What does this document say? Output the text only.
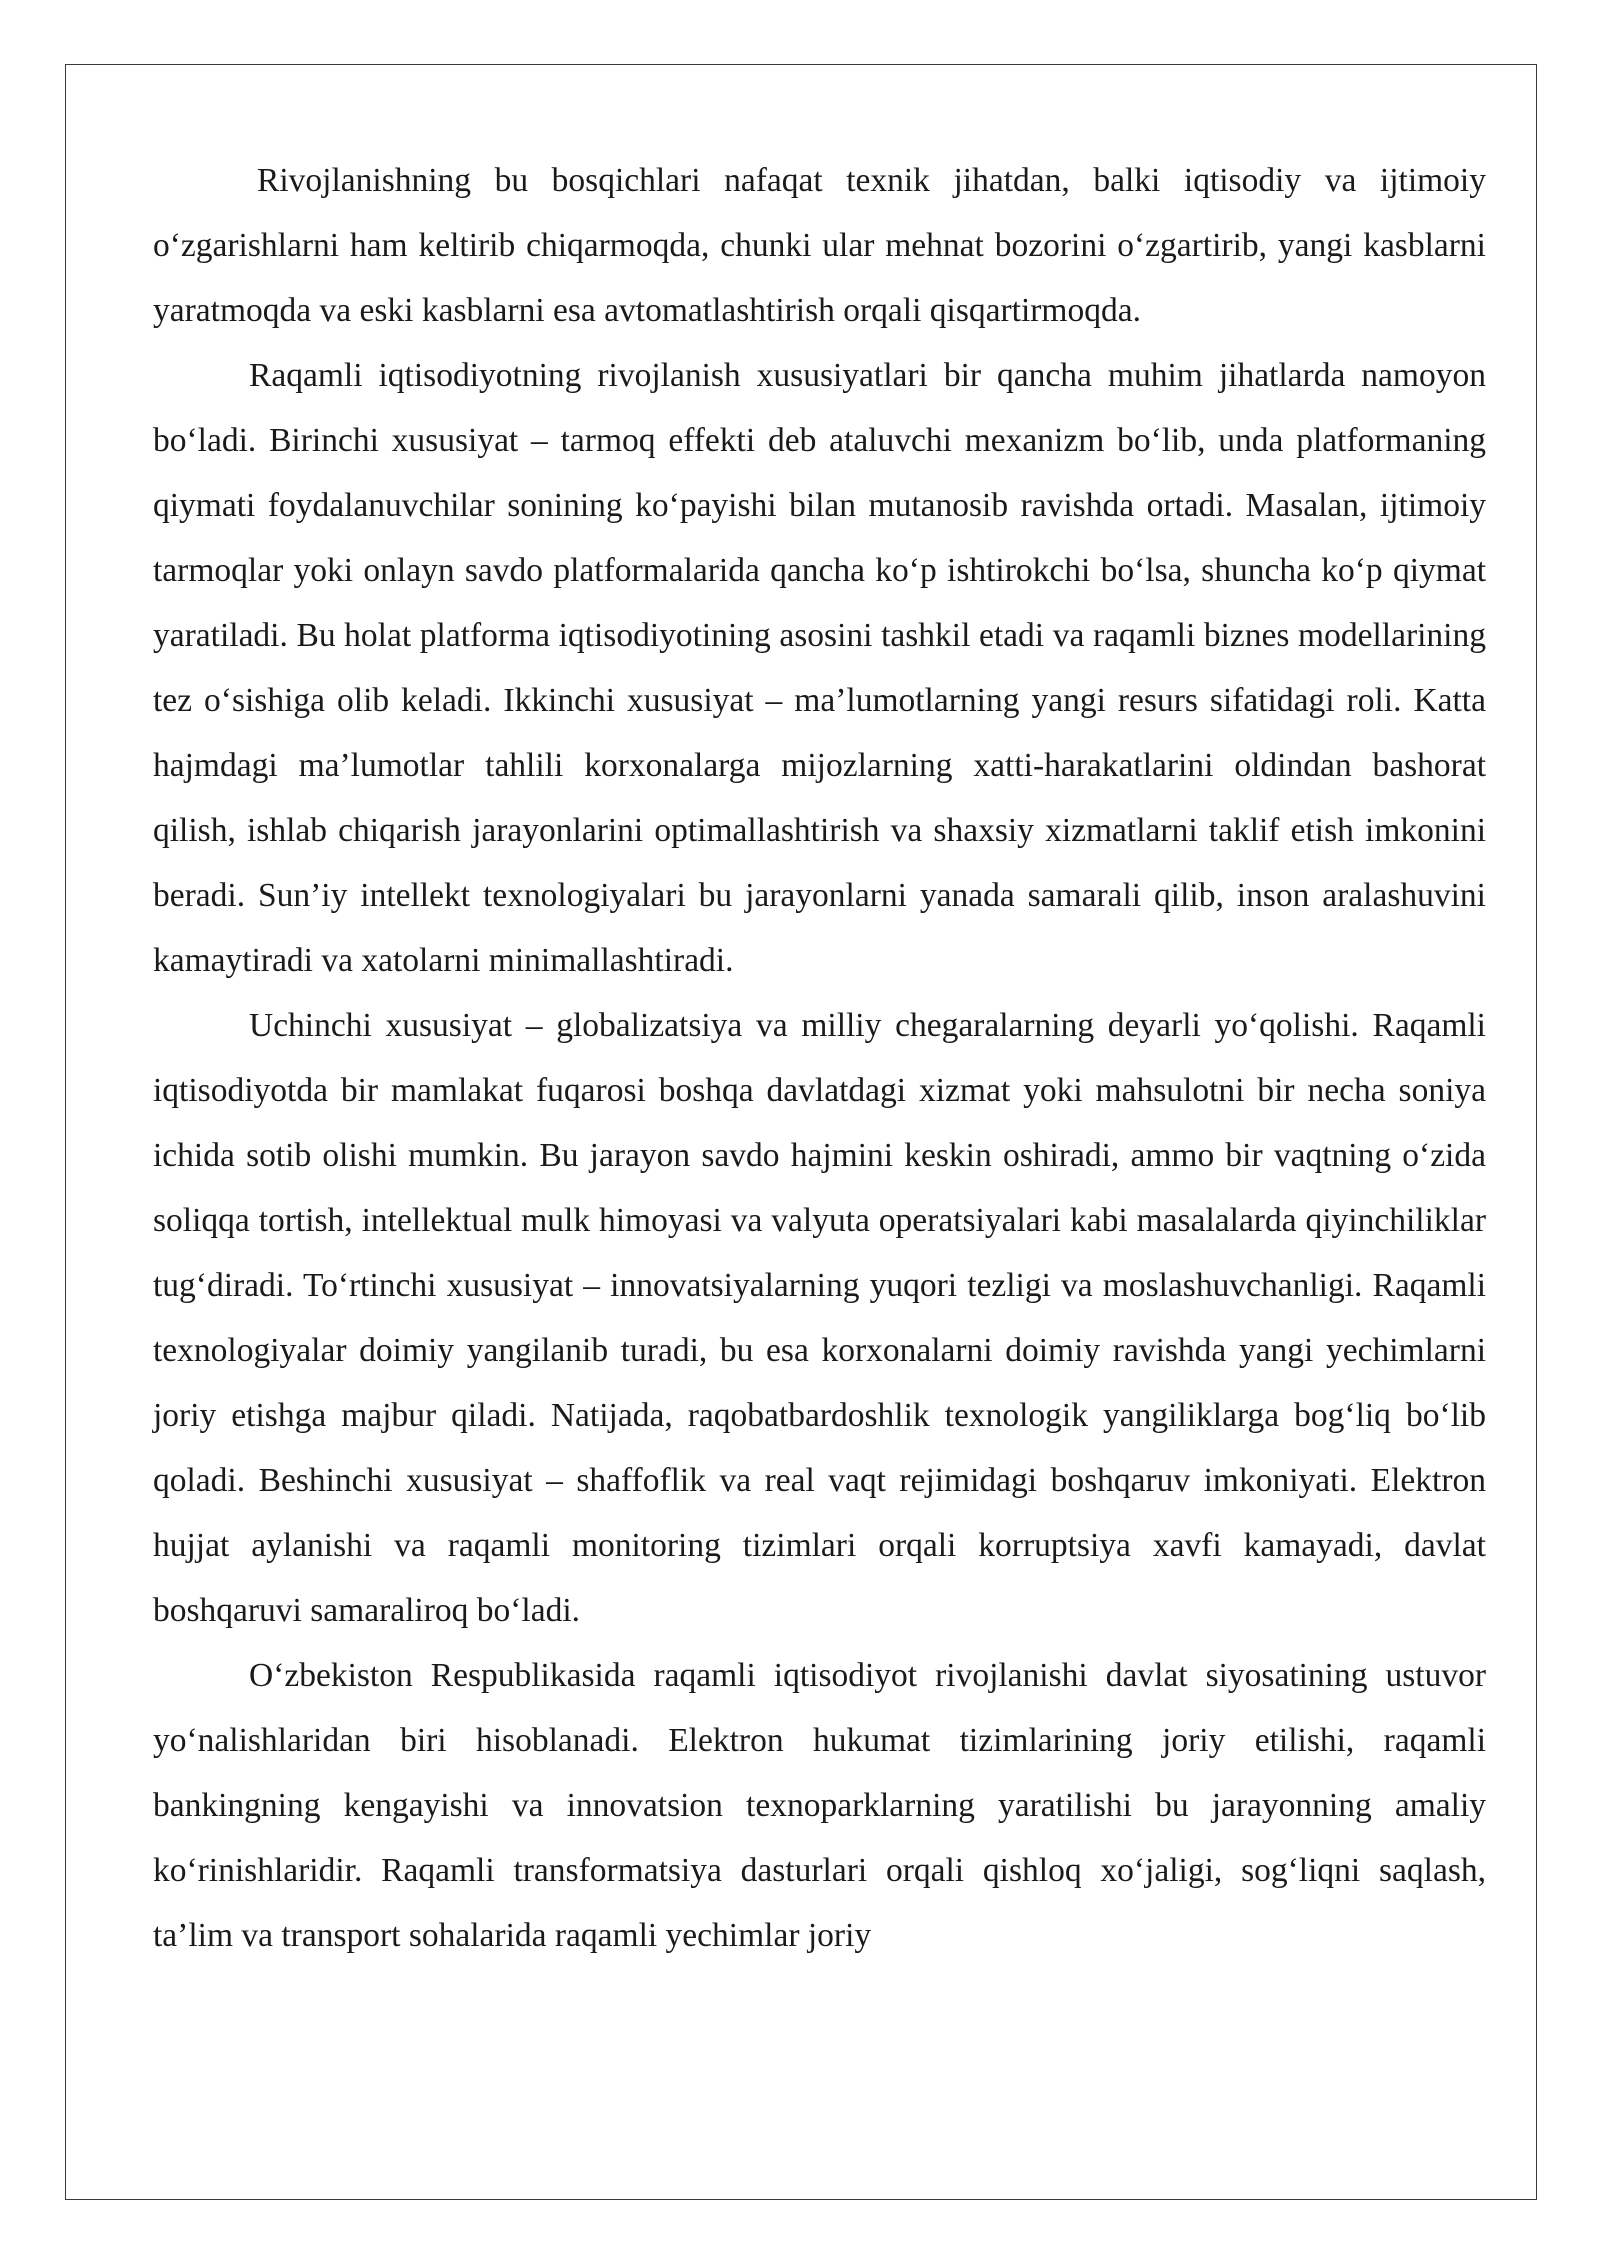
Rivojlanishning bu bosqichlari nafaqat texnik jihatdan, balki iqtisodiy va ijtimoiy o‘zgarishlarni ham keltirib chiqarmoqda, chunki ular mehnat bozorini o‘zgartirib, yangi kasblarni yaratmoqda va eski kasblarni esa avtomatlashtirish orqali qisqartirmoqda.

Raqamli iqtisodiyotning rivojlanish xususiyatlari bir qancha muhim jihatlarda namoyon bo‘ladi. Birinchi xususiyat – tarmoq effekti deb ataluvchi mexanizm bo‘lib, unda platformaning qiymati foydalanuvchilar sonining ko‘payishi bilan mutanosib ravishda ortadi. Masalan, ijtimoiy tarmoqlar yoki onlayn savdo platformalarida qancha ko‘p ishtirokchi bo‘lsa, shuncha ko‘p qiymat yaratiladi. Bu holat platforma iqtisodiyotining asosini tashkil etadi va raqamli biznes modellarining tez o‘sishiga olib keladi. Ikkinchi xususiyat – ma’lumotlarning yangi resurs sifatidagi roli. Katta hajmdagi ma’lumotlar tahlili korxonalarga mijozlarning xatti-harakatlarini oldindan bashorat qilish, ishlab chiqarish jarayonlarini optimallashtirish va shaxsiy xizmatlarni taklif etish imkonini beradi. Sun’iy intellekt texnologiyalari bu jarayonlarni yanada samarali qilib, inson aralashuvini kamaytiradi va xatolarni minimallashtiradi.

Uchinchi xususiyat – globalizatsiya va milliy chegaralarning deyarli yo‘qolishi. Raqamli iqtisodiyotda bir mamlakat fuqarosi boshqa davlatdagi xizmat yoki mahsulotni bir necha soniya ichida sotib olishi mumkin. Bu jarayon savdo hajmini keskin oshiradi, ammo bir vaqtning o‘zida soliqqa tortish, intellektual mulk himoyasi va valyuta operatsiyalari kabi masalalarda qiyinchiliklar tug‘diradi. To‘rtinchi xususiyat – innovatsiyalarning yuqori tezligi va moslashuvchanligi. Raqamli texnologiyalar doimiy yangilanib turadi, bu esa korxonalarni doimiy ravishda yangi yechimlarni joriy etishga majbur qiladi. Natijada, raqobatbardoshlik texnologik yangiliklarga bog‘liq bo‘lib qoladi. Beshinchi xususiyat – shaffoflik va real vaqt rejimidagi boshqaruv imkoniyati. Elektron hujjat aylanishi va raqamli monitoring tizimlari orqali korruptsiya xavfi kamayadi, davlat boshqaruvi samaraliroq bo‘ladi.

O‘zbekiston Respublikasida raqamli iqtisodiyot rivojlanishi davlat siyosatining ustuvor yo‘nalishlaridan biri hisoblanadi. Elektron hukumat tizimlarining joriy etilishi, raqamli bankingning kengayishi va innovatsion texnoparklarning yaratilishi bu jarayonning amaliy ko‘rinishlaridir. Raqamli transformatsiya dasturlari orqali qishloq xo‘jaligi, sog‘liqni saqlash, ta’lim va transport sohalarida raqamli yechimlar joriy
